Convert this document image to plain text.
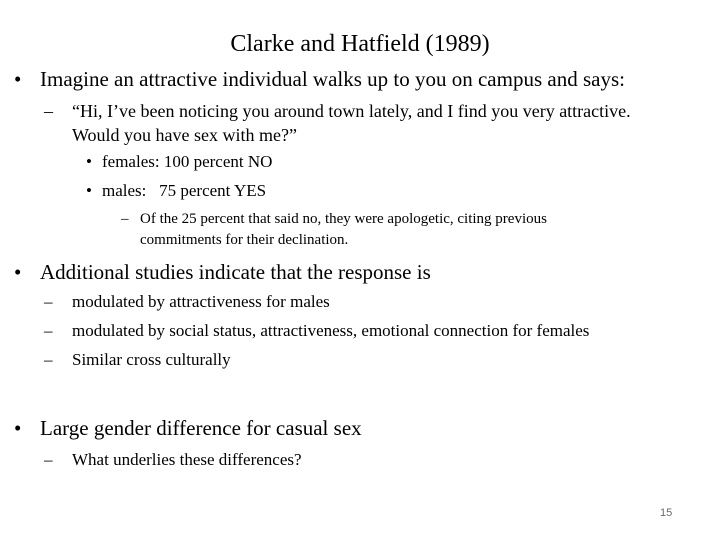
Clarke and Hatfield (1989)
• Imagine an attractive individual walks up to you on campus and says:
– “Hi, I’ve been noticing you around town lately, and I find you very attractive.
Would you have sex with me?”
• females: 100 percent NO
• males:   75 percent YES
– Of the 25 percent that said no, they were apologetic, citing previous
commitments for their declination.
• Additional studies indicate that the response is
– modulated by attractiveness for males
– modulated by social status, attractiveness, emotional connection for females
– Similar cross culturally
• Large gender difference for casual sex
– What underlies these differences?
15
